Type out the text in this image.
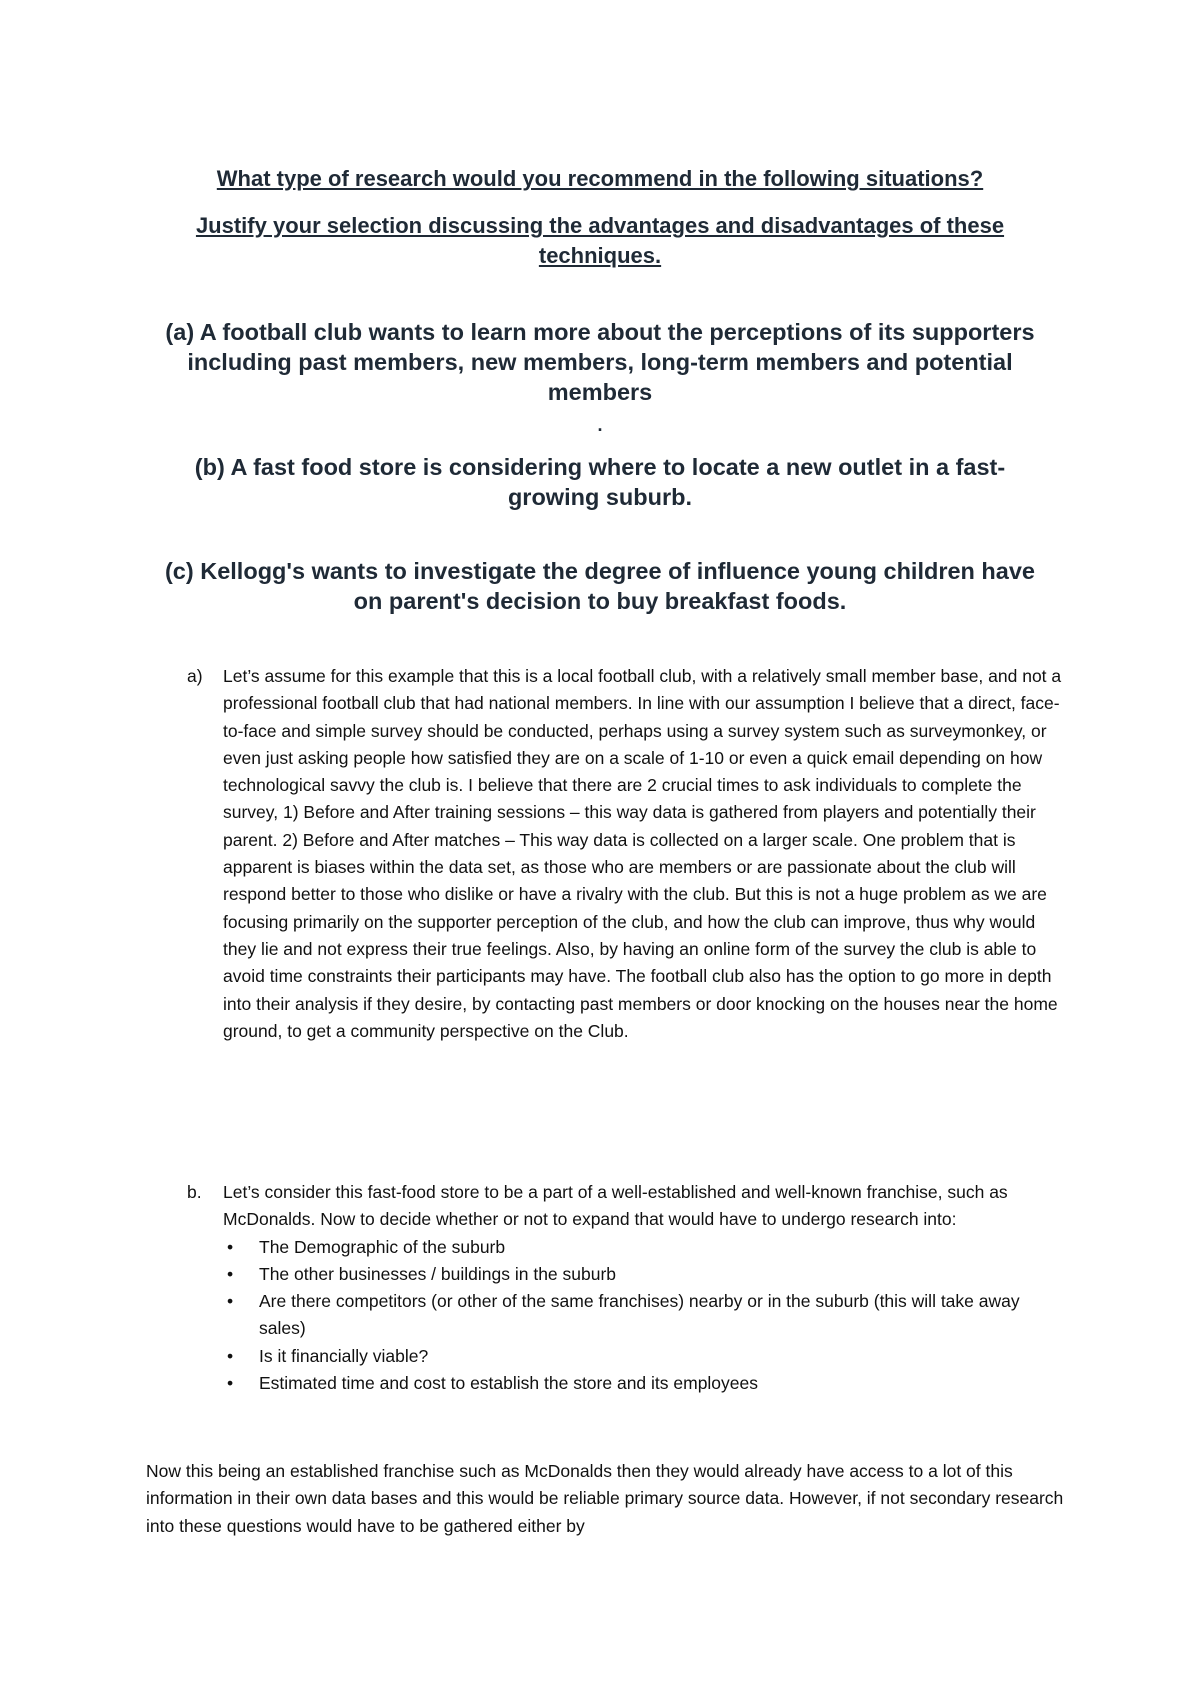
What type of research would you recommend in the following situations?
Justify your selection discussing the advantages and disadvantages of these techniques.
(a) A football club wants to learn more about the perceptions of its supporters including past members, new members, long-term members and potential members
.
(b) A fast food store is considering where to locate a new outlet in a fast-growing suburb.
(c) Kellogg's wants to investigate the degree of influence young children have on parent's decision to buy breakfast foods.
a) Let’s assume for this example that this is a local football club, with a relatively small member base, and not a professional football club that had national members. In line with our assumption I believe that a direct, face-to-face and simple survey should be conducted, perhaps using a survey system such as surveymonkey, or even just asking people how satisfied they are on a scale of 1-10 or even a quick email depending on how technological savvy the club is. I believe that there are 2 crucial times to ask individuals to complete the survey, 1) Before and After training sessions – this way data is gathered from players and potentially their parent. 2) Before and After matches – This way data is collected on a larger scale. One problem that is apparent is biases within the data set, as those who are members or are passionate about the club will respond better to those who dislike or have a rivalry with the club. But this is not a huge problem as we are focusing primarily on the supporter perception of the club, and how the club can improve, thus why would they lie and not express their true feelings. Also, by having an online form of the survey the club is able to avoid time constraints their participants may have. The football club also has the option to go more in depth into their analysis if they desire, by contacting past members or door knocking on the houses near the home ground, to get a community perspective on the Club.
b. Let’s consider this fast-food store to be a part of a well-established and well-known franchise, such as McDonalds. Now to decide whether or not to expand that would have to undergo research into:
• The Demographic of the suburb
• The other businesses / buildings in the suburb
• Are there competitors (or other of the same franchises) nearby or in the suburb (this will take away sales)
• Is it financially viable?
• Estimated time and cost to establish the store and its employees
Now this being an established franchise such as McDonalds then they would already have access to a lot of this information in their own data bases and this would be reliable primary source data. However, if not secondary research into these questions would have to be gathered either by
